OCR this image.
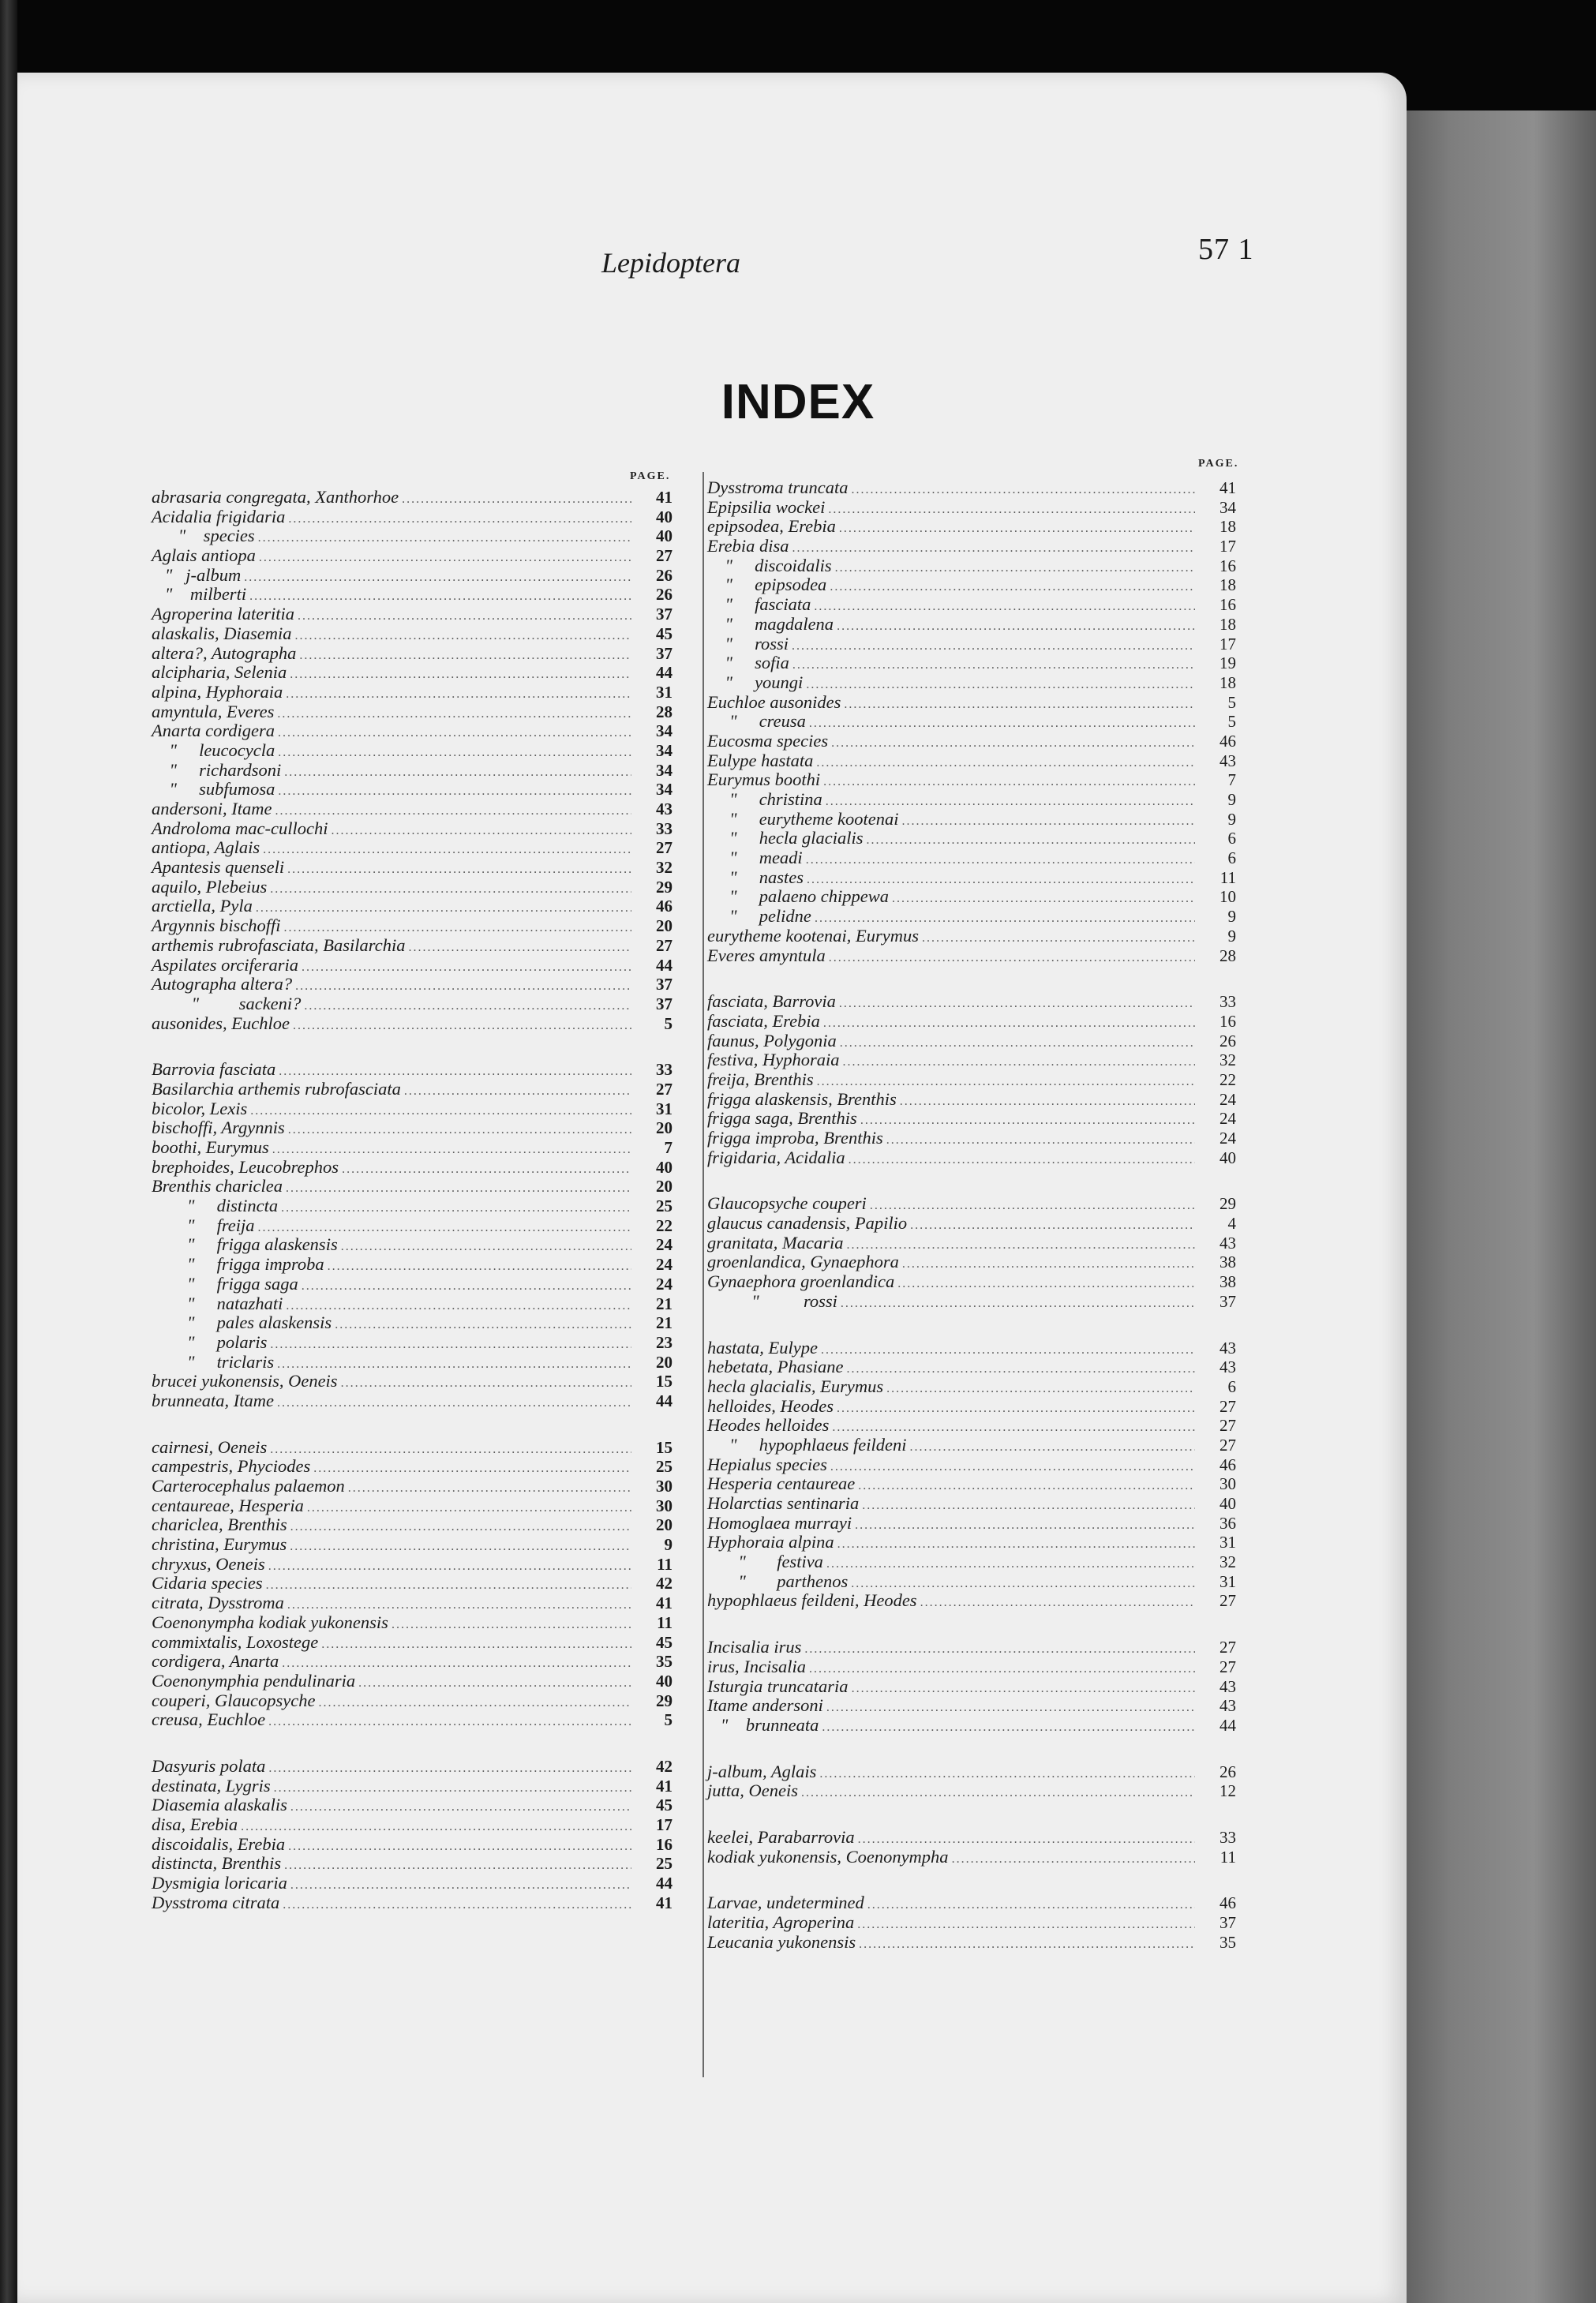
Lepidoptera	57 1
INDEX
PAGE.
PAGE.
abrasaria congregata, Xanthorhoe .....	41
Acidalia frigidaria .....	40
"    species .....	40
Aglais antiopa .....	27
"   j-album .....	26
"    milberti .....	26
Agroperina lateritia .....	37
alaskalis, Diasemia .....	45
altera?, Autographa .....	37
alcipharia, Selenia .....	44
alpina, Hyphoraia .....	31
amyntula, Everes .....	28
Anarta cordigera .....	34
"     leucocycla .....	34
"     richardsoni .....	34
"     subfumosa .....	34
andersoni, Itame .....	43
Androloma mac-cullochi .....	33
antiopa, Aglais .....	27
Apantesis quenseli .....	32
aquilo, Plebeius .....	29
arctiella, Pyla .....	46
Argynnis bischoffi .....	20
arthemis rubrofasciata, Basilarchia .....	27
Aspilates orciferaria .....	44
Autographa altera? .....	37
"         sackeni? .....	37
ausonides, Euchloe .....	5
Barrovia fasciata .....	33
Basilarchia arthemis rubrofasciata .....	27
bicolor, Lexis .....	31
bischoffi, Argynnis .....	20
boothi, Eurymus .....	7
brephoides, Leucobrephos .....	40
Brenthis chariclea .....	20
"     distincta .....	25
"     freija .....	22
"     frigga alaskensis .....	24
"     frigga improba .....	24
"     frigga saga .....	24
"     natazhati .....	21
"     pales alaskensis .....	21
"     polaris .....	23
"     triclaris .....	20
brucei yukonensis, Oeneis .....	15
brunneata, Itame .....	44
cairnesi, Oeneis .....	15
campestris, Phyciodes .....	25
Carterocephalus palaemon .....	30
centaureae, Hesperia .....	30
chariclea, Brenthis .....	20
christina, Eurymus .....	9
chryxus, Oeneis .....	11
Cidaria species .....	42
citrata, Dysstroma .....	41
Coenonympha kodiak yukonensis .....	11
commixtalis, Loxostege .....	45
cordigera, Anarta .....	35
Coenonymphia pendulinaria .....	40
couperi, Glaucopsyche .....	29
creusa, Euchloe .....	5
Dasyuris polata .....	42
destinata, Lygris .....	41
Diasemia alaskalis .....	45
disa, Erebia .....	17
discoidalis, Erebia .....	16
distincta, Brenthis .....	25
Dysmigia loricaria .....	44
Dysstroma citrata .....	41
Dysstroma truncata .....	41
Epipsilia wockei .....	34
epipsodea, Erebia .....	18
Erebia disa .....	17
"     discoidalis .....	16
"     epipsodea .....	18
"     fasciata .....	16
"     magdalena .....	18
"     rossi .....	17
"     sofia .....	19
"     youngi .....	18
Euchloe ausonides .....	5
"     creusa .....	5
Eucosma species .....	46
Eulype hastata .....	43
Eurymus boothi .....	7
"     christina .....	9
"     eurytheme kootenai .....	9
"     hecla glacialis .....	6
"     meadi .....	6
"     nastes .....	11
"     palaeno chippewa .....	10
"     pelidne .....	9
eurytheme kootenai, Eurymus .....	9
Everes amyntula .....	28
fasciata, Barrovia .....	33
fasciata, Erebia .....	16
faunus, Polygonia .....	26
festiva, Hyphoraia .....	32
freija, Brenthis .....	22
frigga alaskensis, Brenthis .....	24
frigga saga, Brenthis .....	24
frigga improba, Brenthis .....	24
frigidaria, Acidalia .....	40
Glaucopsyche couperi .....	29
glaucus canadensis, Papilio .....	4
granitata, Macaria .....	43
groenlandica, Gynaephora .....	38
Gynaephora groenlandica .....	38
"          rossi .....	37
hastata, Eulype .....	43
hebetata, Phasiane .....	43
hecla glacialis, Eurymus .....	6
helloides, Heodes .....	27
Heodes helloides .....	27
"     hypophlaeus feildeni .....	27
Hepialus species .....	46
Hesperia centaureae .....	30
Holarctias sentinaria .....	40
Homoglaea murrayi .....	36
Hyphoraia alpina .....	31
"       festiva .....	32
"       parthenos .....	31
hypophlaeus feildeni, Heodes .....	27
Incisalia irus .....	27
irus, Incisalia .....	27
Isturgia truncataria .....	43
Itame andersoni .....	43
"    brunneata .....	44
j-album, Aglais .....	26
jutta, Oeneis .....	12
keelei, Parabarrovia .....	33
kodiak yukonensis, Coenonympha .....	11
Larvae, undetermined .....	46
lateritia, Agroperina .....	37
Leucania yukonensis .....	35
